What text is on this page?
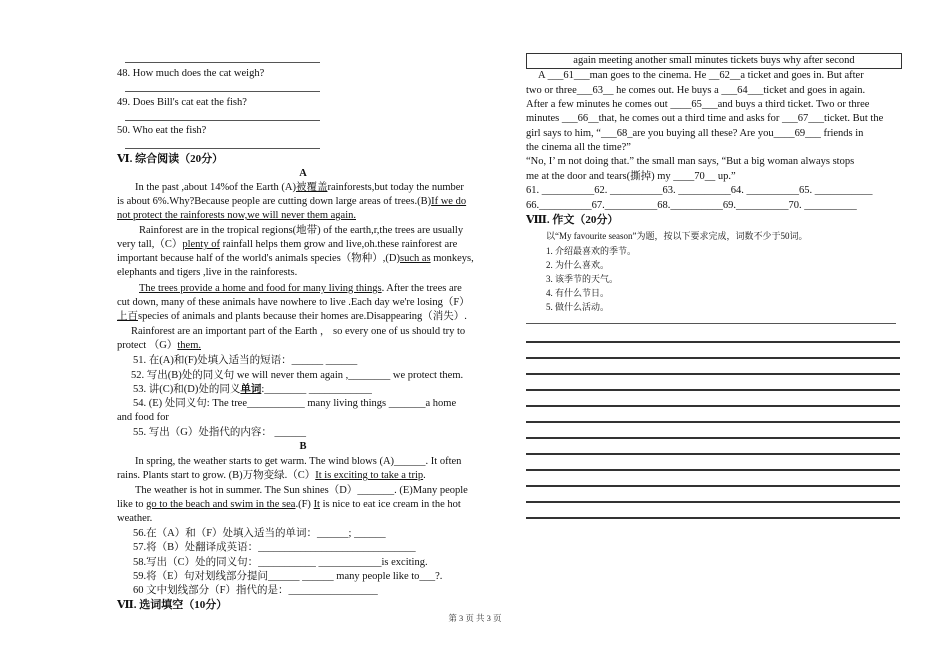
48. How much does the cat weigh?
49. Does Bill's cat eat the fish?
50. Who eat the fish?
Ⅵ. 综合阅读（20分）
A
In the past ,about 14%of the Earth (A)被覆盖rainforests,but today the number
is about 6%.Why?Because people are cutting down large areas of trees.(B)If we do
not protect the rainforests now,we will never them again.
Rainforest are in the tropical regions(地带) of the earth,r,the trees are usually
very tall,（C）plenty of rainfall helps them grow and live,oh.these rainforest are
important because half of the world's animals species（物种）,(D)such as monkeys,
elephants and tigers ,live in the rainforests.
The trees provide a home and food for many living things. After the trees are
cut down, many of these animals have nowhere to live .Each day we're losing（F）
上百species of animals and plants because their homes are.Disappearing（消失）.
Rainforest are an important part of the Earth ， so every one of us should try to
protect （G）them.
51. 在(A)和(F)处填入适当的短语：______ ______
52. 写出(B)处的同义句 we will never them again ,________ we protect them.
53. 讲(C)和(D)处的同义单词:________ ____________
54. (E) 处同义句: The tree___________ many living things _______a home
and food for
55. 写出（G）处指代的内容： ______
B
In spring, the weather starts to get warm. The wind blows (A)______. It often
rains. Plants start to grow. (B)万物变绿.（C）It is exciting to take a trip.
The weather is hot in summer. The Sun shines（D）_______. (E)Many people
like to go to the beach and swim in the sea.(F) It is nice to eat ice cream in the hot
weather.
56.在（A）和（F）处填入适当的单词：______; ______
57.将（B）处翻译成英语：______________________________
58.写出（C）处的同义句：___________ ____________is exciting.
59.将（E）句对划线部分提问______ ______ many people like to___?.
60 文中划线部分（F）指代的是：_________________
Ⅶ. 选词填空（10分）
again meeting another small minutes tickets buys why after second
A ___61___man goes to the cinema. He __62__a ticket and goes in. But after
two or three___63__ he comes out. He buys a ___64___ticket and goes in again.
After a few minutes he comes out ____65___and buys a third ticket. Two or three
minutes ___66__that, he comes out a third time and asks for ___67___ticket. But the
girl says to him, “___68_are you buying all these? Are you____69___ friends in
the cinema all the time?”
“No, I’ m not doing that.” the small man says, “But a big woman always stops
me at the door and tears(撕掉) my ____70__ up.”
61. __________62. __________63. __________64. __________65. ___________
66.__________67.__________68.__________69.__________70. __________
Ⅷ. 作文（20分）
以“My favourite season”为题，按以下要求完成，词数不少于50词。
1. 介绍最喜欢的季节。
2. 为什么喜欢。
3. 该季节的天气。
4. 有什么节日。
5. 做什么活动。
第 3 页 共 3 页
